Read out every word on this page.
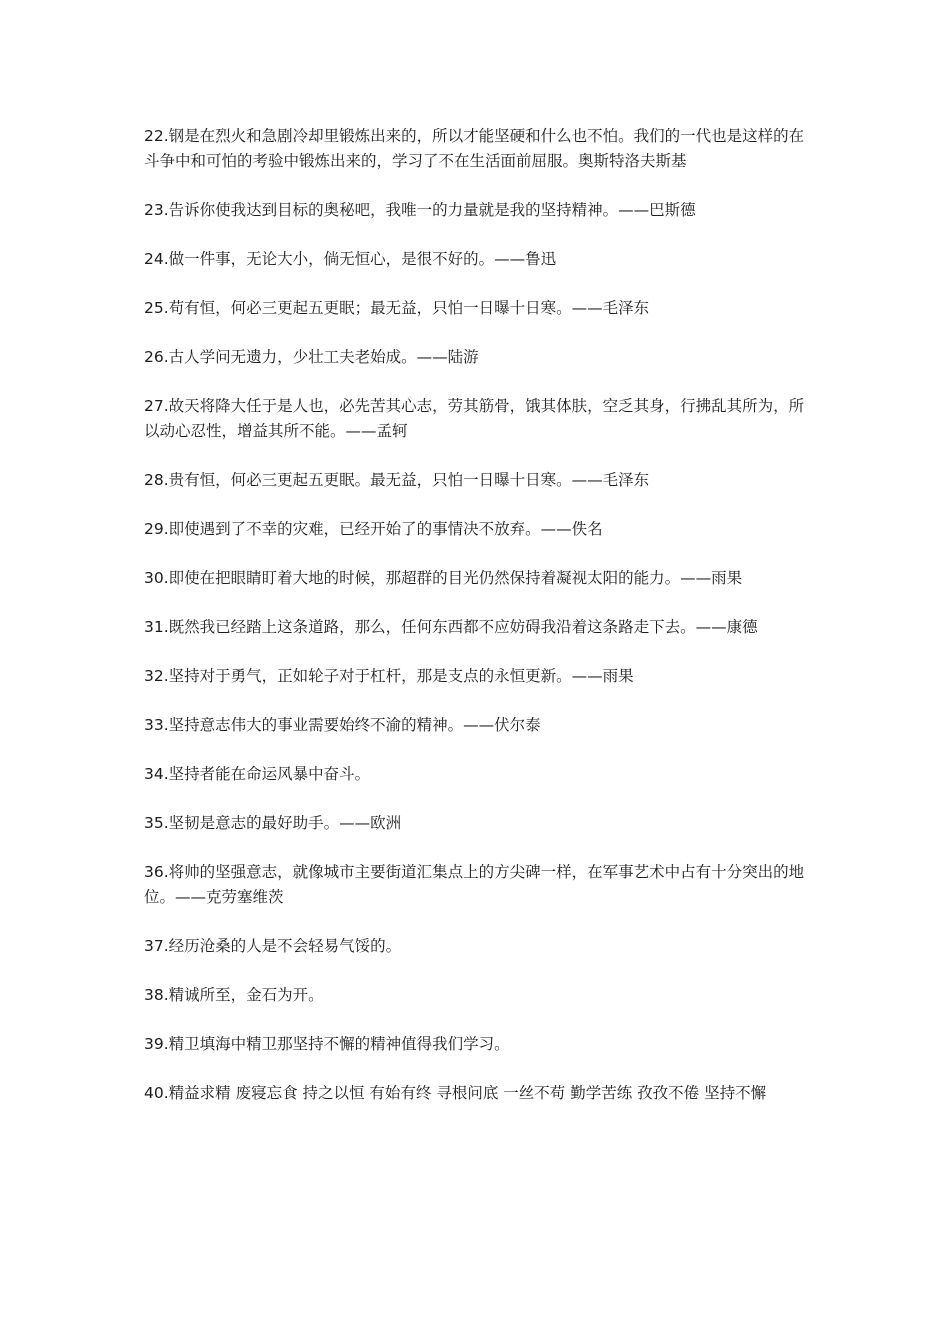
22.钢是在烈火和急剧冷却里锻炼出来的，所以才能坚硬和什么也不怕。我们的一代也是这样的在斗争中和可怕的考验中锻炼出来的，学习了不在生活面前屈服。奥斯特洛夫斯基

23.告诉你使我达到目标的奥秘吧，我唯一的力量就是我的坚持精神。——巴斯德

24.做一件事，无论大小，倘无恒心，是很不好的。——鲁迅

25.苟有恒，何必三更起五更眠；最无益，只怕一日曝十日寒。——毛泽东

26.古人学问无遗力，少壮工夫老始成。——陆游

27.故天将降大任于是人也，必先苦其心志，劳其筋骨，饿其体肤，空乏其身，行拂乱其所为，所以动心忍性，增益其所不能。——孟轲

28.贵有恒，何必三更起五更眠。最无益，只怕一日曝十日寒。——毛泽东

29.即使遇到了不幸的灾难，已经开始了的事情决不放弃。——佚名

30.即使在把眼睛盯着大地的时候，那超群的目光仍然保持着凝视太阳的能力。——雨果

31.既然我已经踏上这条道路，那么，任何东西都不应妨碍我沿着这条路走下去。——康德

32.坚持对于勇气，正如轮子对于杠杆，那是支点的永恒更新。——雨果

33.坚持意志伟大的事业需要始终不渝的精神。——伏尔泰

34.坚持者能在命运风暴中奋斗。

35.坚韧是意志的最好助手。——欧洲

36.将帅的坚强意志，就像城市主要街道汇集点上的方尖碑一样，在军事艺术中占有十分突出的地位。——克劳塞维茨

37.经历沧桑的人是不会轻易气馁的。

38.精诚所至，金石为开。

39.精卫填海中精卫那坚持不懈的精神值得我们学习。

40.精益求精 废寝忘食 持之以恒 有始有终 寻根问底 一丝不苟 勤学苦练 孜孜不倦 坚持不懈
